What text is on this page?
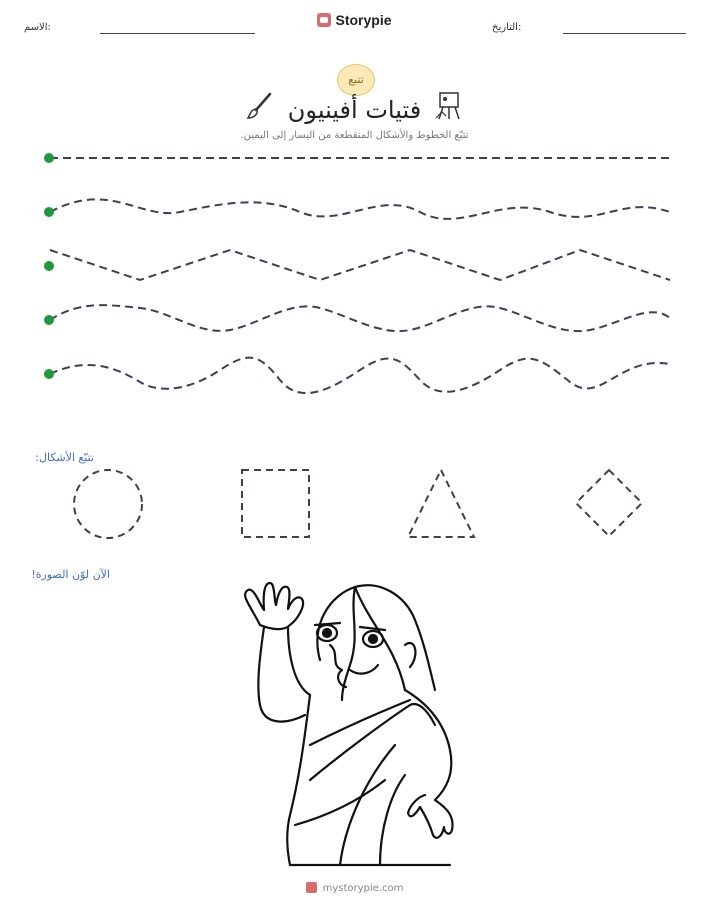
الاسم:	Storypie	التاريخ:
تتبع
فتيات أفينيون
تتبّع الخطوط والأشكال المتقطعة من اليسار إلى اليمين.
تتبّع الأشكال:
الآن لوّن الصورة!
mystorypie.com
